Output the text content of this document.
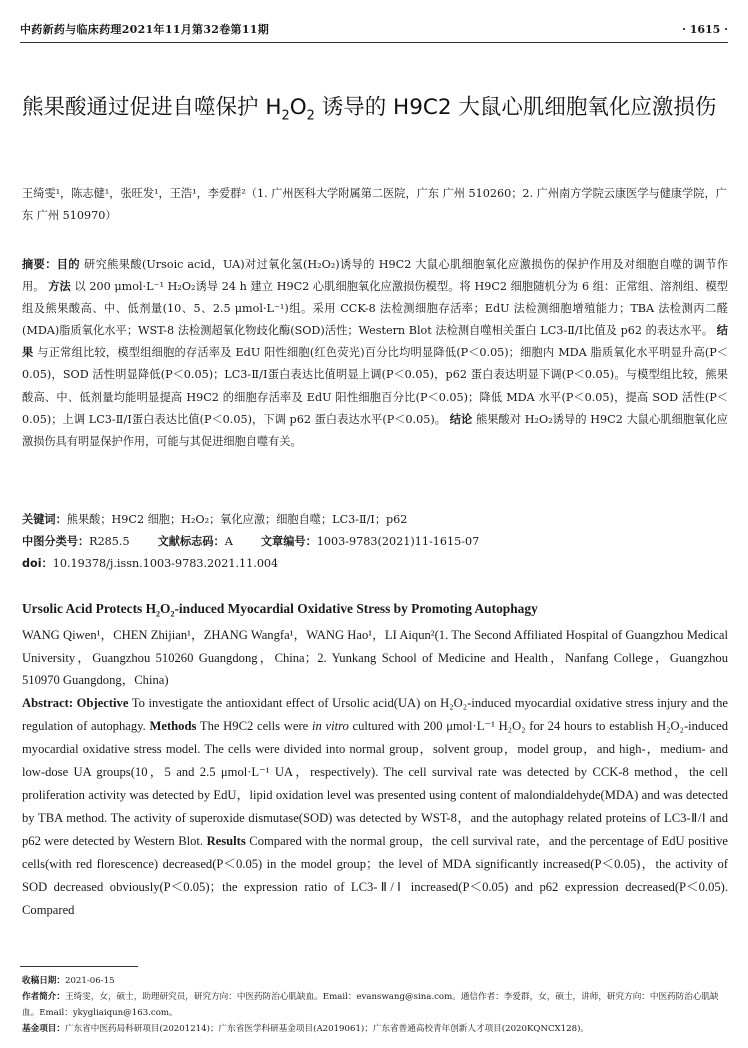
中药新药与临床药理2021年11月第32卷第11期	· 1615 ·
熊果酸通过促进自噬保护 $H_2O_2$ 诱导的 H9C2 大鼠心肌细胞氧化应激损伤
王绮雯¹，陈志健¹，张旺发¹，王浩¹，李爱群²（1. 广州医科大学附属第二医院，广东 广州 510260；2. 广州南方学院云康医学与健康学院，广东 广州 510970）
摘要：目的 研究熊果酸(Ursoic acid，UA)对过氧化氢(H₂O₂)诱导的 H9C2 大鼠心肌细胞氧化应激损伤的保护作用及对细胞自噬的调节作用。 方法 以 200 μmol·L⁻¹ H₂O₂诱导 24 h 建立 H9C2 心肌细胞氧化应激损伤模型。将 H9C2 细胞随机分为 6 组：正常组、溶剂组、模型组及熊果酸高、中、低剂量(10、5、2.5 μmol·L⁻¹)组。采用 CCK-8 法检测细胞存活率；EdU 法检测细胞增殖能力；TBA 法检测丙二醛(MDA)脂质氧化水平；WST-8 法检测超氧化物歧化酶(SOD)活性；Western Blot 法检测自噬相关蛋白 LC3-Ⅱ/Ⅰ比值及 p62 的表达水平。 结果 与正常组比较，模型组细胞的存活率及 EdU 阳性细胞(红色荧光)百分比均明显降低(P＜0.05)；细胞内 MDA 脂质氧化水平明显升高(P＜0.05)，SOD 活性明显降低(P＜0.05)；LC3-Ⅱ/Ⅰ蛋白表达比值明显上调(P＜0.05)，p62 蛋白表达明显下调(P＜0.05)。与模型组比较，熊果酸高、中、低剂量均能明显提高 H9C2 的细胞存活率及 EdU 阳性细胞百分比(P＜0.05)；降低 MDA 水平(P＜0.05)，提高 SOD 活性(P＜0.05)；上调 LC3-Ⅱ/Ⅰ蛋白表达比值(P＜0.05)，下调 p62 蛋白表达水平(P＜0.05)。 结论 熊果酸对 H₂O₂诱导的 H9C2 大鼠心肌细胞氧化应激损伤具有明显保护作用，可能与其促进细胞自噬有关。
关键词：熊果酸；H9C2 细胞；H₂O₂；氧化应激；细胞自噬；LC3-Ⅱ/Ⅰ；p62
中图分类号：R285.5	文献标志码：A	文章编号：1003-9783(2021)11-1615-07
doi：10.19378/j.issn.1003-9783.2021.11.004
Ursolic Acid Protects $H_2O_2$-induced Myocardial Oxidative Stress by Promoting Autophagy
WANG Qiwen¹，CHEN Zhijian¹，ZHANG Wangfa¹，WANG Hao¹，LI Aiqun²(1. The Second Affiliated Hospital of Guangzhou Medical University，Guangzhou 510260 Guangdong，China；2. Yunkang School of Medicine and Health，Nanfang College，Guangzhou 510970 Guangdong，China)
Abstract: Objective To investigate the antioxidant effect of Ursolic acid(UA) on H₂O₂-induced myocardial oxidative stress injury and the regulation of autophagy. Methods The H9C2 cells were in vitro cultured with 200 μmol·L⁻¹ H₂O₂ for 24 hours to establish H₂O₂-induced myocardial oxidative stress model. The cells were divided into normal group，solvent group，model group，and high-，medium- and low-dose UA groups(10，5 and 2.5 μmol·L⁻¹ UA，respectively). The cell survival rate was detected by CCK-8 method，the cell proliferation activity was detected by EdU，lipid oxidation level was presented using content of malondialdehyde(MDA) and was detected by TBA method. The activity of superoxide dismutase(SOD) was detected by WST-8，and the autophagy related proteins of LC3-Ⅱ/Ⅰ and p62 were detected by Western Blot. Results Compared with the normal group，the cell survival rate，and the percentage of EdU positive cells(with red florescence) decreased(P＜0.05) in the model group；the level of MDA significantly increased(P＜0.05)，the activity of SOD decreased obviously(P＜0.05)；the expression ratio of LC3-Ⅱ/Ⅰ increased(P＜0.05) and p62 expression decreased(P＜0.05). Compared
收稿日期：2021-06-15
作者简介：王绮雯，女，硕士，助理研究员，研究方向：中医药防治心肌缺血。Email：evanswang@sina.com。通信作者：李爱群，女，硕士，讲师，研究方向：中医药防治心肌缺血。Email：ykygliaiqun@163.com。
基金项目：广东省中医药局科研项目(20201214)；广东省医学科研基金项目(A2019061)；广东省普通高校青年创新人才项目(2020KQNCX128)。
